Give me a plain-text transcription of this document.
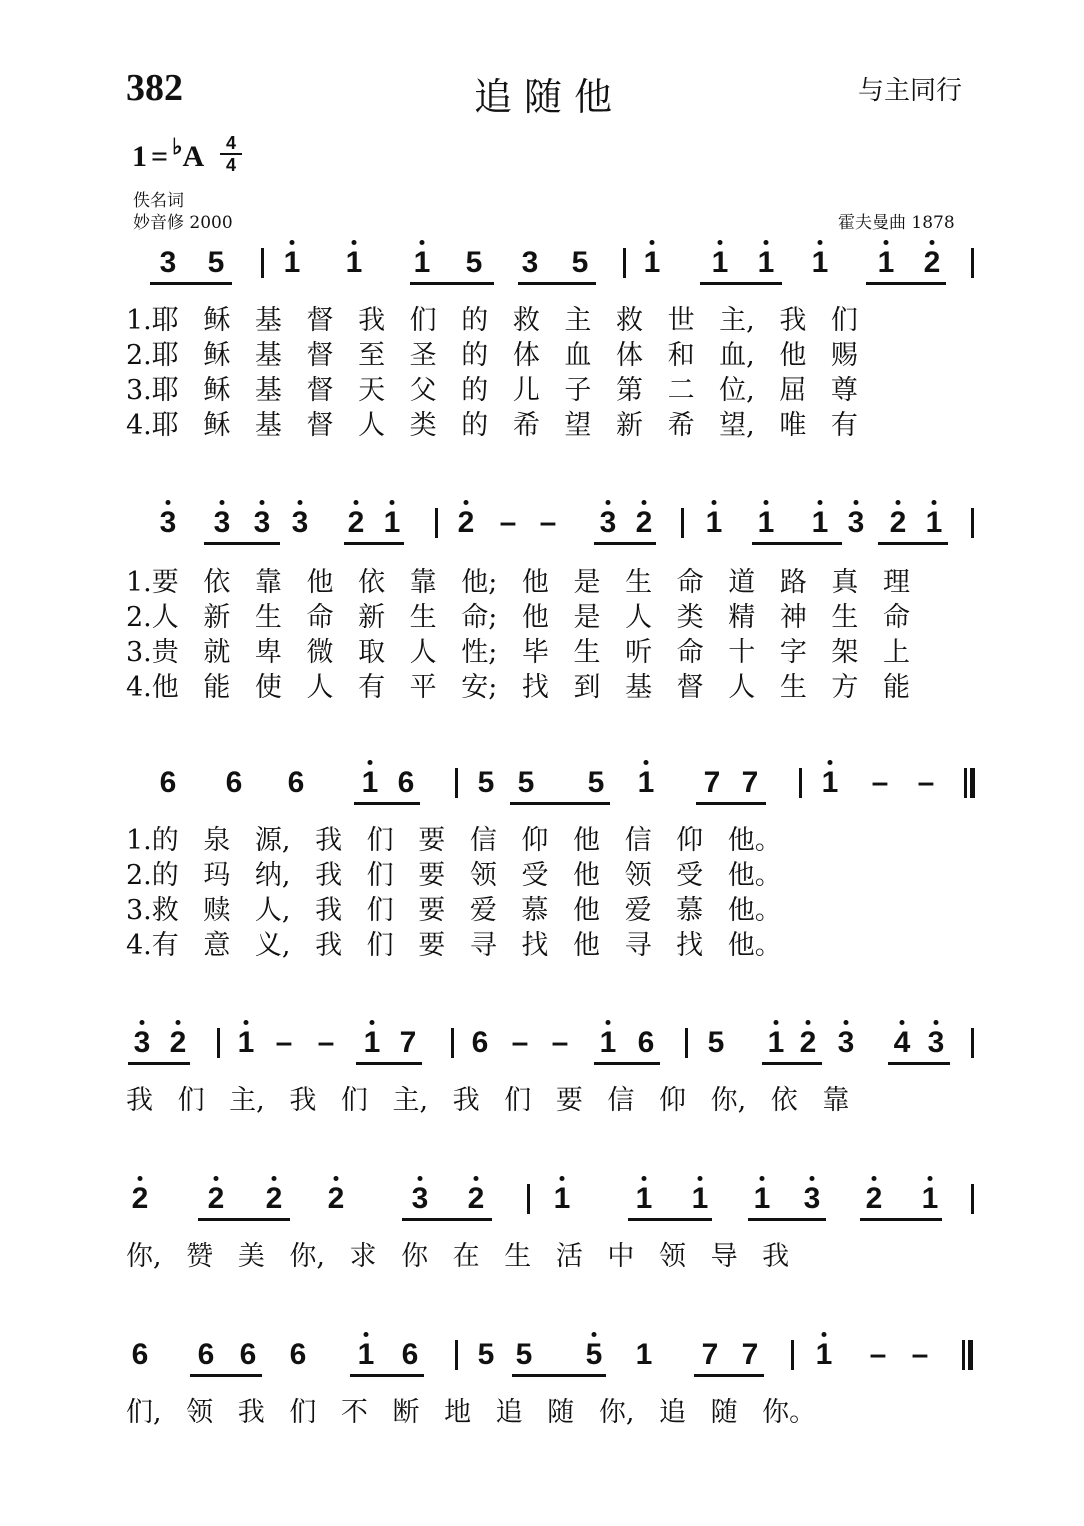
382	追随他	与主同行
1 = ♭A	4
4
佚名词
妙音修 2000	霍夫曼曲 1878
3 5 1 1 1 5 3 5 1 1 1 1 1 2
1.耶 稣 基 督 我 们 的 救 主 救 世 主, 我 们
2.耶 稣 基 督 至 圣 的 体 血 体 和 血, 他 赐
3.耶 稣 基 督 天 父 的 儿 子 第 二 位, 屈 尊
4.耶 稣 基 督 人 类 的 希 望 新 希 望, 唯 有
3 3 3 3 2 1 2 – – 3 2 1 1 1 3 2 1
1.要 依 靠 他 依 靠 他; 他 是 生 命 道 路 真 理
2.人 新 生 命 新 生 命; 他 是 人 类 精 神 生 命
3.贵 就 卑 微 取 人 性; 毕 生 听 命 十 字 架 上
4.他 能 使 人 有 平 安; 找 到 基 督 人 生 方 能
6 6 6 1 6 5 5 5 1 7 7 1 – –
1.的 泉 源, 我 们 要 信 仰 他 信 仰 他。
2.的 玛 纳, 我 们 要 领 受 他 领 受 他。
3.救 赎 人, 我 们 要 爱 慕 他 爱 慕 他。
4.有 意 义, 我 们 要 寻 找 他 寻 找 他。
3 2 1 – – 1 7 6 – – 1 6 5 1 2 3 4 3
我 们 主, 我 们 主, 我 们 要 信 仰 你, 依 靠
2 2 2 2 3 2 1 1 1 1 3 2 1
你, 赞 美 你, 求 你 在 生 活 中 领 导 我
6 6 6 6 1 6 5 5 5 1 7 7 1 – –
们, 领 我 们 不 断 地 追 随 你, 追 随 你。
